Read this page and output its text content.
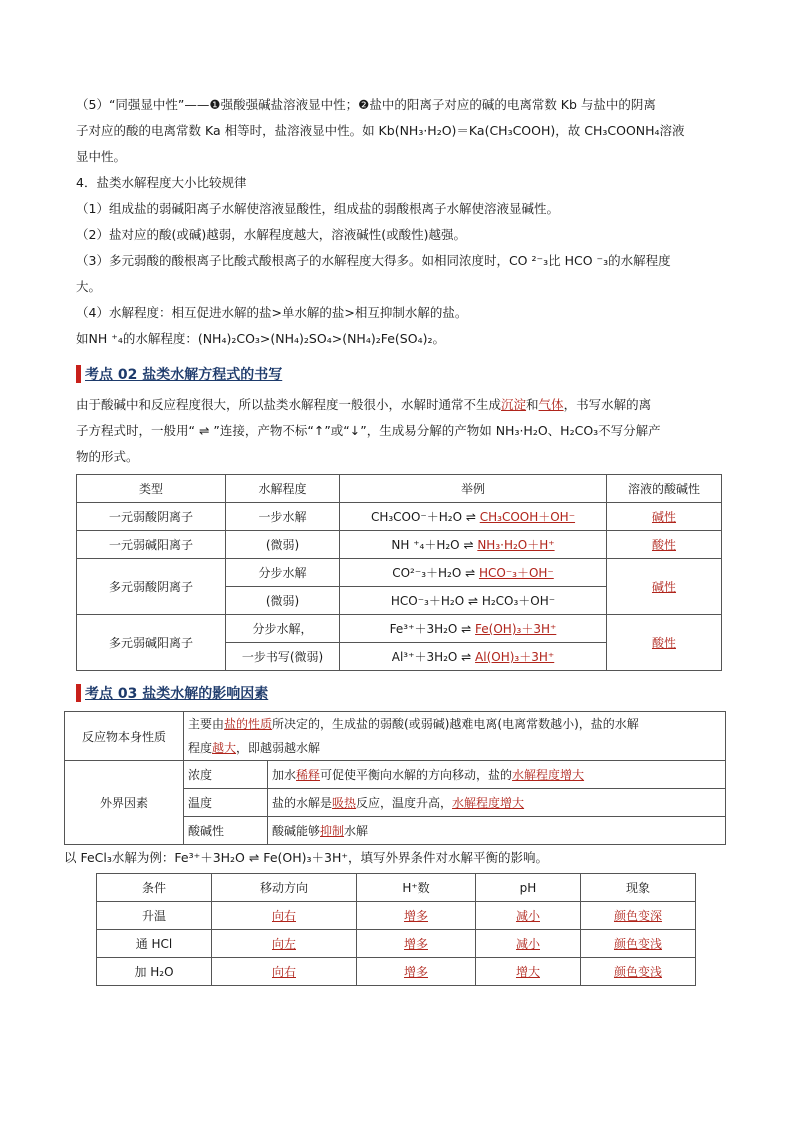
（5）“同强显中性”——❶强酸强碱盐溶液显中性；❷盐中的阳离子对应的碱的电离常数 Kb 与盐中的阴离

子对应的酸的电离常数 Ka 相等时，盐溶液显中性。如 Kb(NH₃·H₂O)＝Ka(CH₃COOH)，故 CH₃COONH₄溶液

显中性。

4．盐类水解程度大小比较规律

（1）组成盐的弱碱阳离子水解使溶液显酸性，组成盐的弱酸根离子水解使溶液显碱性。

（2）盐对应的酸(或碱)越弱，水解程度越大，溶液碱性(或酸性)越强。

（3）多元弱酸的酸根离子比酸式酸根离子的水解程度大得多。如相同浓度时，CO ²⁻₃比 HCO ⁻₃的水解程度

大。

（4）水解程度：相互促进水解的盐>单水解的盐>相互抑制水解的盐。

如NH ⁺₄的水解程度：(NH₄)₂CO₃>(NH₄)₂SO₄>(NH₄)₂Fe(SO₄)₂。

考点 02 盐类水解方程式的书写

由于酸碱中和反应程度很大，所以盐类水解程度一般很小，水解时通常不生成沉淀和气体，书写水解的离

子方程式时，一般用“ ⇌ ”连接，产物不标“↑”或“↓”，生成易分解的产物如 NH₃·H₂O、H₂CO₃不写分解产

物的形式。

类型	水解程度	举例	溶液的酸碱性
一元弱酸阴离子	一步水解	CH₃COO⁻＋H₂O ⇌ CH₃COOH＋OH⁻	碱性
一元弱碱阳离子	(微弱)	NH ⁺₄＋H₂O ⇌ NH₃·H₂O＋H⁺	酸性
多元弱酸阴离子	分步水解	CO²⁻₃＋H₂O ⇌ HCO⁻₃＋OH⁻	碱性
	(微弱)	HCO⁻₃＋H₂O ⇌ H₂CO₃＋OH⁻	
多元弱碱阳离子	分步水解，	Fe³⁺＋3H₂O ⇌ Fe(OH)₃＋3H⁺	酸性
	一步书写(微弱)	Al³⁺＋3H₂O ⇌ Al(OH)₃＋3H⁺	
考点 03 盐类水解的影响因素
反应物本身性质	主要由盐的性质所决定的，生成盐的弱酸(或弱碱)越难电离(电离常数越小)，盐的水解
程度越大，即越弱越水解	
外界因素	浓度	加水稀释可促使平衡向水解的方向移动，盐的水解程度增大
	温度	盐的水解是吸热反应，温度升高，水解程度增大
	酸碱性	酸碱能够抑制水解

以 FeCl₃水解为例：Fe³⁺＋3H₂O ⇌ Fe(OH)₃＋3H⁺，填写外界条件对水解平衡的影响。

条件	移动方向	H⁺数	pH	现象
升温	向右	增多	减小	颜色变深
通 HCl	向左	增多	减小	颜色变浅
加 H₂O	向右	增多	增大	颜色变浅
